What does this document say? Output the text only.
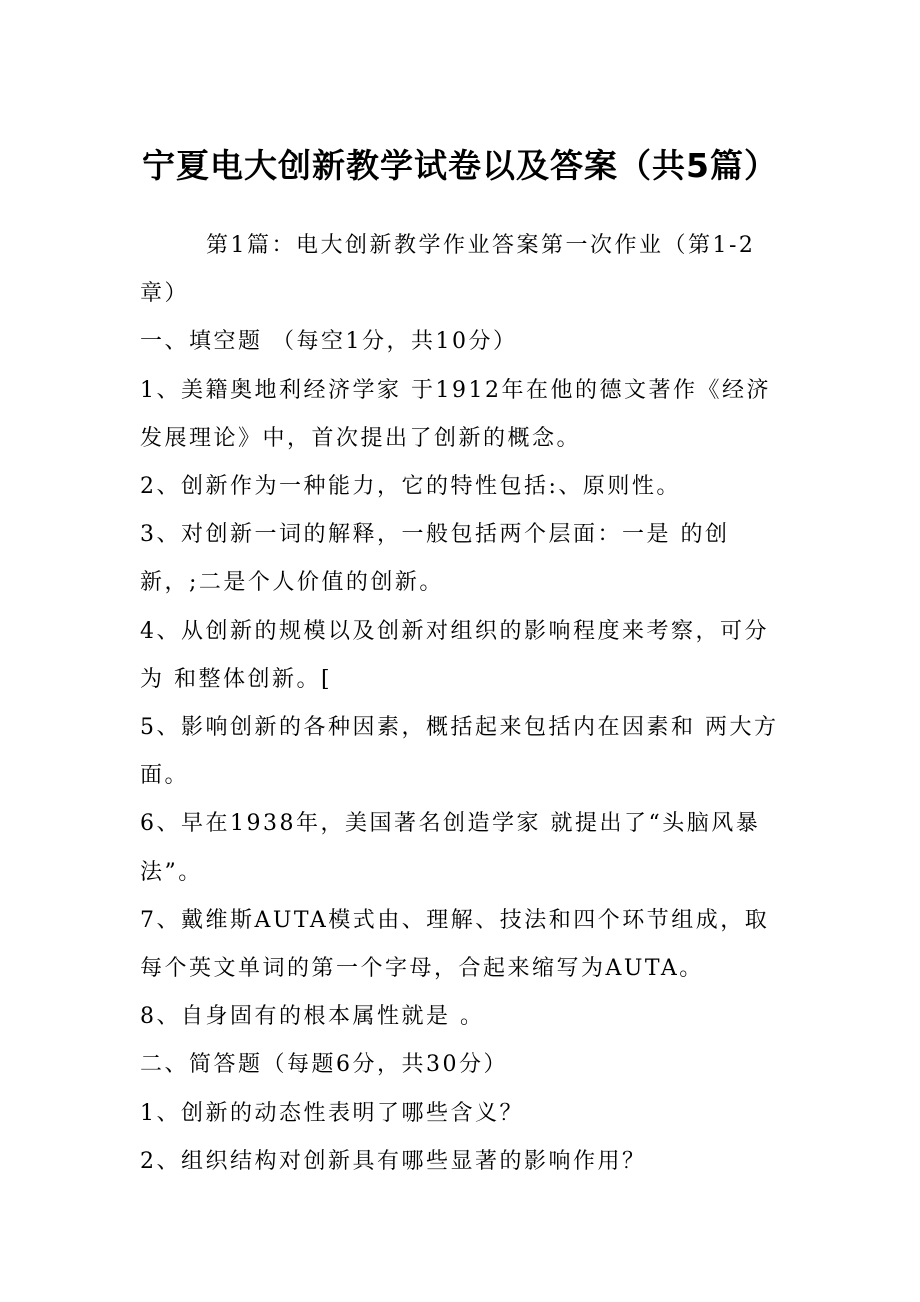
宁夏电大创新教学试卷以及答案（共5篇）

第1篇：电大创新教学作业答案第一次作业（第1-2章）

一、填空题 （每空1分，共10分）

1、美籍奥地利经济学家 于1912年在他的德文著作《经济发展理论》中，首次提出了创新的概念。

2、创新作为一种能力，它的特性包括:、原则性。

3、对创新一词的解释，一般包括两个层面：一是 的创新，;二是个人价值的创新。

4、从创新的规模以及创新对组织的影响程度来考察，可分为 和整体创新。[

5、影响创新的各种因素，概括起来包括内在因素和 两大方面。

6、早在1938年，美国著名创造学家 就提出了“头脑风暴法”。

7、戴维斯AUTA模式由、理解、技法和四个环节组成，取每个英文单词的第一个字母，合起来缩写为AUTA。

8、自身固有的根本属性就是 。

二、简答题（每题6分，共30分）

1、创新的动态性表明了哪些含义？

2、组织结构对创新具有哪些显著的影响作用？
